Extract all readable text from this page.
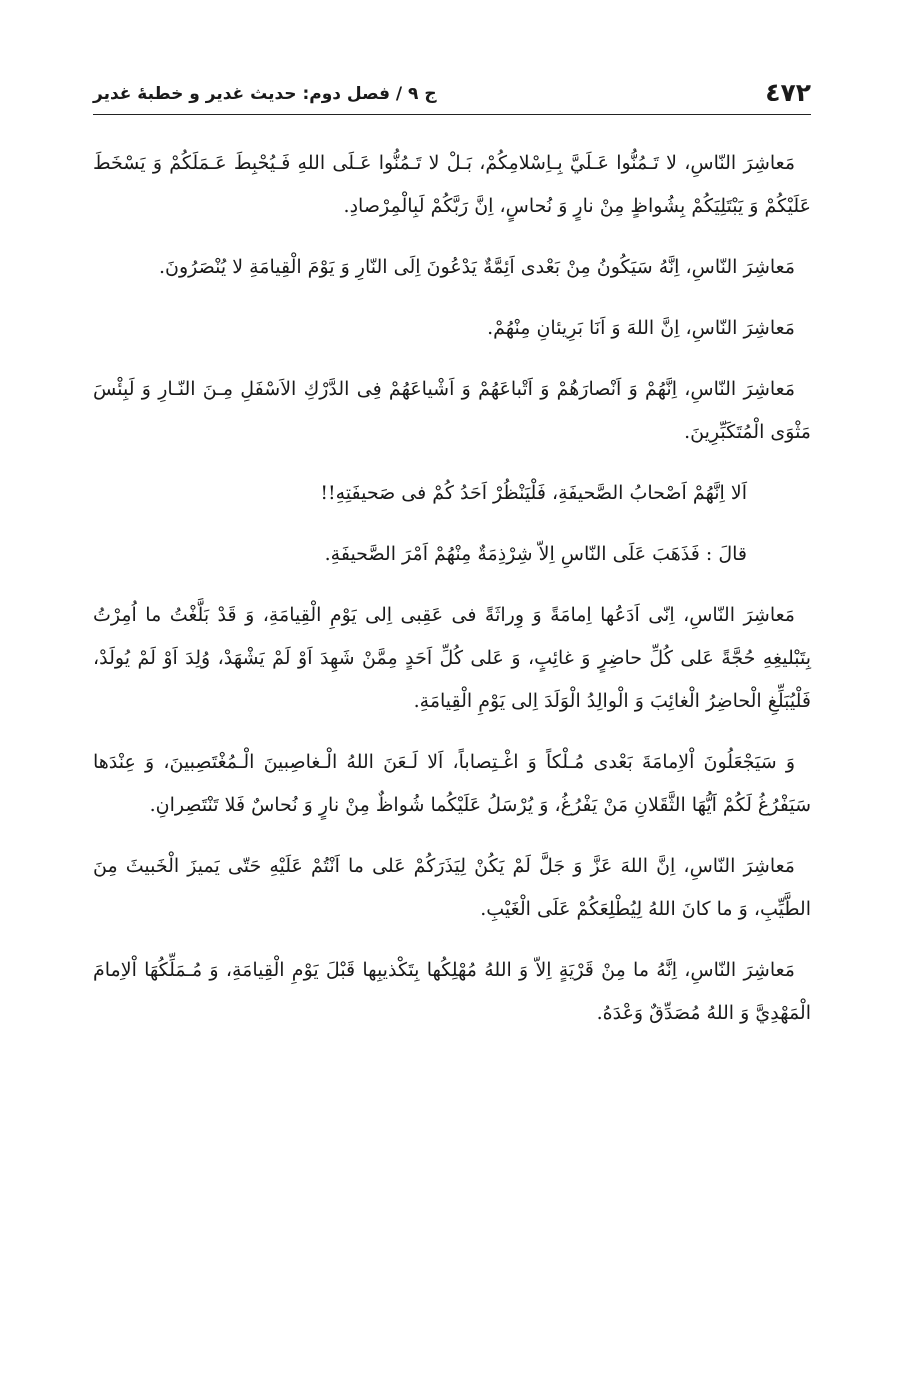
٤٧٢
ج ٩ / فصل دوم: حديث غدير و خطبهٔ غدير

مَعاشِرَ النّاسِ، لا تَـمُنُّوا عَـلَيَّ بِـاِسْلامِكُمْ، بَـلْ لا تَـمُنُّوا عَـلَى اللهِ فَـيُحْبِطَ عَـمَلَكُمْ وَ يَسْخَطَ عَلَيْكُمْ وَ يَبْتَلِيَكُمْ بِشُواظٍ مِنْ نارٍ وَ نُحاسٍ، اِنَّ رَبَّكُمْ لَبِالْمِرْصادِ.

مَعاشِرَ النّاسِ، اِنَّهُ سَيَكُونُ مِنْ بَعْدى اَئِمَّةٌ يَدْعُونَ اِلَى النّارِ وَ يَوْمَ الْقِيامَةِ لا يُنْصَرُونَ.

مَعاشِرَ النّاسِ، اِنَّ اللهَ وَ اَنَا بَرِيئانِ مِنْهُمْ.

مَعاشِرَ النّاسِ، اِنَّهُمْ وَ اَنْصارَهُمْ وَ اَتْباعَهُمْ وَ اَشْياعَهُمْ فِى الدَّرْكِ الاَسْفَلِ مِـنَ النّـارِ وَ لَبِئْسَ مَثْوَى الْمُتَكَبِّرِينَ.

اَلا اِنَّهُمْ اَصْحابُ الصَّحيفَةِ، فَلْيَنْظُرْ اَحَدُ كُمْ فى صَحيفَتِهِ!!

قالَ : فَذَهَبَ عَلَى النّاسِ اِلاّ شِرْذِمَةٌ مِنْهُمْ اَمْرَ الصَّحيفَةِ.

مَعاشِرَ النّاسِ، اِنّى اَدَعُها اِمامَةً وَ وِراثَةً فى عَقِبى اِلى يَوْمِ الْقِيامَةِ، وَ قَدْ بَلَّغْتُ ما اُمِرْتُ بِتَبْليغِهِ حُجَّةً عَلى كُلِّ حاضِرٍ وَ غائِبٍ، وَ عَلى كُلِّ اَحَدٍ مِمَّنْ شَهِدَ اَوْ لَمْ يَشْهَدْ، وُلِدَ اَوْ لَمْ يُولَدْ، فَلْيُبَلِّغِ الْحاضِرُ الْغائِبَ وَ الْوالِدُ الْوَلَدَ اِلى يَوْمِ الْقِيامَةِ.

وَ سَيَجْعَلُونَ اْلاِمامَةَ بَعْدى مُـلْكاً وَ اغْـتِصاباً، اَلا لَـعَنَ اللهُ الْـغاصِبينَ الْـمُغْتَصِبينَ، وَ عِنْدَها سَيَفْرُغُ لَكُمْ اَيُّهَا الثَّقَلانِ مَنْ يَفْرُغُ، وَ يُرْسَلُ عَلَيْكُما شُواظٌ مِنْ نارٍ وَ نُحاسٌ فَلا تَنْتَصِرانِ.

مَعاشِرَ النّاسِ، اِنَّ اللهَ عَزَّ وَ جَلَّ لَمْ يَكُنْ لِيَذَرَكُمْ عَلى ما اَنْتُمْ عَلَيْهِ حَتّى يَميزَ الْخَبيثَ مِنَ الطَّيِّبِ، وَ ما كانَ اللهُ لِيُطْلِعَكُمْ عَلَى الْغَيْبِ.

مَعاشِرَ النّاسِ، اِنَّهُ ما مِنْ قَرْيَةٍ اِلاّ وَ اللهُ مُهْلِكُها بِتَكْذيبِها قَبْلَ يَوْمِ الْقِيامَةِ، وَ مُـمَلِّكُهَا اْلاِمامَ الْمَهْدِيَّ وَ اللهُ مُصَدِّقٌ وَعْدَهُ.
